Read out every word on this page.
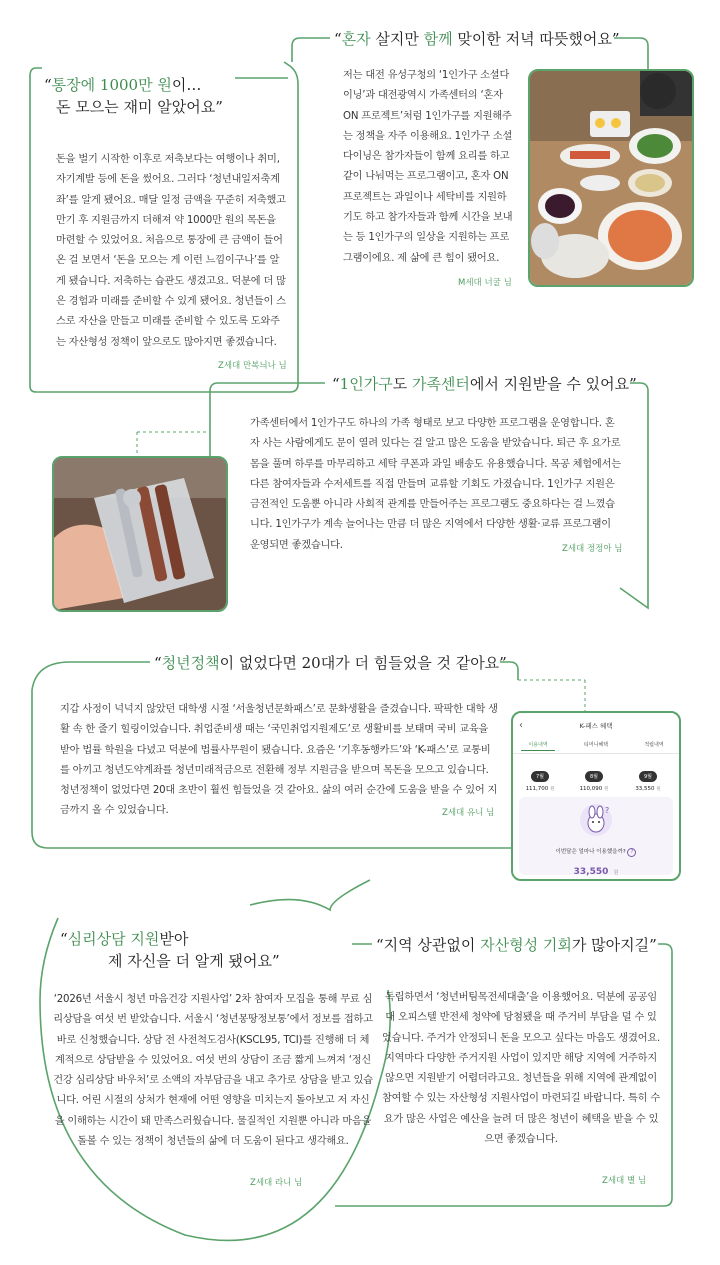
“통장에 1000만 원이…
돈 모으는 재미 알았어요”
돈을 벌기 시작한 이후로 저축보다는 여행이나 취미, 자기계발 등에 돈을 썼어요. 그러다 ‘청년내일저축계좌’를 알게 됐어요. 매달 일정 금액을 꾸준히 저축했고 만기 후 지원금까지 더해져 약 1000만 원의 목돈을 마련할 수 있었어요. 처음으로 통장에 큰 금액이 들어온 걸 보면서 ‘돈을 모으는 게 이런 느낌이구나’를 알게 됐습니다. 저축하는 습관도 생겼고요. 덕분에 더 많은 경험과 미래를 준비할 수 있게 됐어요. 청년들이 스스로 자산을 만들고 미래를 준비할 수 있도록 도와주는 자산형성 정책이 앞으로도 많아지면 좋겠습니다.
Z세대 만복늬나 님
“혼자 살지만 함께 맞이한 저녁 따뜻했어요”
저는 대전 유성구청의 ‘1인가구 소셜다이닝’과 대전광역시 가족센터의 ‘혼자 ON 프로젝트’처럼 1인가구를 지원해주는 정책을 자주 이용해요. 1인가구 소셜다이닝은 참가자들이 함께 요리를 하고 같이 나눠먹는 프로그램이고, 혼자 ON 프로젝트는 과일이나 세탁비를 지원하기도 하고 참가자들과 함께 시간을 보내는 등 1인가구의 일상을 지원하는 프로그램이에요. 제 삶에 큰 힘이 됐어요.
M세대 너굴 님
“1인가구도 가족센터에서 지원받을 수 있어요”
가족센터에서 1인가구도 하나의 가족 형태로 보고 다양한 프로그램을 운영합니다. 혼자 사는 사람에게도 문이 열려 있다는 걸 알고 많은 도움을 받았습니다. 퇴근 후 요가로 몸을 풀며 하루를 마무리하고 세탁 쿠폰과 과일 배송도 유용했습니다. 목공 체험에서는 다른 참여자들과 수저세트를 직접 만들며 교류할 기회도 가졌습니다. 1인가구 지원은 금전적인 도움뿐 아니라 사회적 관계를 만들어주는 프로그램도 중요하다는 걸 느꼈습니다. 1인가구가 계속 늘어나는 만큼 더 많은 지역에서 다양한 생활·교류 프로그램이 운영되면 좋겠습니다.	Z세대 정정아 님
“청년정책이 없었다면 20대가 더 힘들었을 것 같아요”
지갑 사정이 넉넉지 않았던 대학생 시절 ‘서울청년문화패스’로 문화생활을 즐겼습니다. 팍팍한 대학 생활 속 한 줄기 힐링이었습니다. 취업준비생 때는 ‘국민취업지원제도’로 생활비를 보태며 국비 교육을 받아 법률 학원을 다녔고 덕분에 법률사무원이 됐습니다. 요즘은 ‘기후동행카드’와 ‘K-패스’로 교통비를 아끼고 청년도약계좌를 청년미래적금으로 전환해 정부 지원금을 받으며 목돈을 모으고 있습니다. 청년정책이 없었다면 20대 초반이 훨씬 힘들었을 것 같아요. 삶의 여러 순간에 도움을 받을 수 있어 지금까지 올 수 있었습니다.	Z세대 유니 님
‹	K-패스 혜택
이용내역	티머니혜택	적립내역
7월
111,700 원
8월
110,090 원
9월
33,550 원
?
이번달은 얼마나 이용했을까? ?
33,550 원
“심리상담 지원받아
제 자신을 더 알게 됐어요”
‘2026년 서울시 청년 마음건강 지원사업’ 2차 참여자 모집을 통해 무료 심리상담을 여섯 번 받았습니다. 서울시 ‘청년몽땅정보통’에서 정보를 접하고 바로 신청했습니다. 상담 전 사전척도검사(KSCL95, TCI)를 진행해 더 체계적으로 상담받을 수 있었어요. 여섯 번의 상담이 조금 짧게 느껴져 ‘정신건강 심리상담 바우처’로 소액의 자부담금을 내고 추가로 상담을 받고 있습니다. 어린 시절의 상처가 현재에 어떤 영향을 미치는지 돌아보고 저 자신을 이해하는 시간이 돼 만족스러웠습니다. 물질적인 지원뿐 아니라 마음을 돌볼 수 있는 정책이 청년들의 삶에 더 도움이 된다고 생각해요.
Z세대 라니 님
“지역 상관없이 자산형성 기회가 많아지길”
독립하면서 ‘청년버팀목전세대출’을 이용했어요. 덕분에 공공임대 오피스텔 반전세 청약에 당첨됐을 때 주거비 부담을 덜 수 있었습니다. 주거가 안정되니 돈을 모으고 싶다는 마음도 생겼어요. 지역마다 다양한 주거지원 사업이 있지만 해당 지역에 거주하지 않으면 지원받기 어렵더라고요. 청년들을 위해 지역에 관계없이 참여할 수 있는 자산형성 지원사업이 마련되길 바랍니다. 특히 수요가 많은 사업은 예산을 늘려 더 많은 청년이 혜택을 받을 수 있으면 좋겠습니다.
Z세대 별 님
